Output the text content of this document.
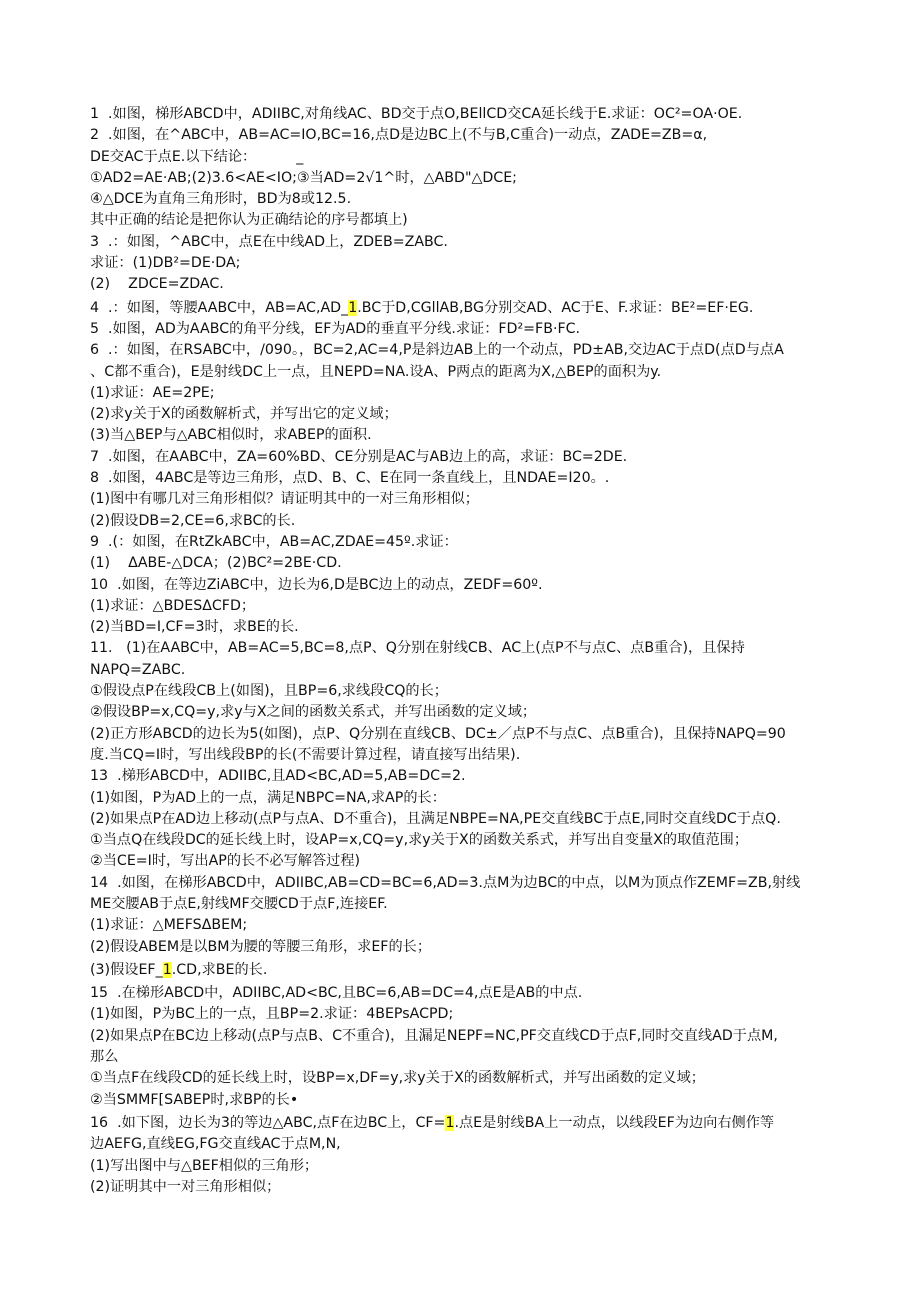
1  .如图，梯形ABCD中，ADIIBC,对角线AC、BD交于点O,BEllCD交CA延长线于E.求证：OC²=OA·OE.
2  .如图，在^ABC中，AB=AC=IO,BC=16,点D是边BC上(不与B,C重合)一动点，ZADE=ZB=α,
DE交AC于点E.以下结论：	_
①AD2=AE·AB;(2)3.6<AE<IO;③当AD=2√1^时，△ABD"△DCE;
④△DCE为直角三角形时，BD为8或12.5.
其中正确的结论是把你认为正确结论的序号都填上)
3  .：如图，^ABC中，点E在中线AD上，ZDEB=ZABC.
求证：(1)DB²=DE·DA;
(2)    ZDCE=ZDAC.
4  .：如图，等腰AABC中，AB=AC,AD_1.BC于D,CGllAB,BG分别交AD、AC于E、F.求证：BE²=EF·EG.
5  .如图，AD为AABC的角平分线，EF为AD的垂直平分线.求证：FD²=FB·FC.
6  .：如图，在RSABC中，/090。，BC=2,AC=4,P是斜边AB上的一个动点，PD±AB,交边AC于点D(点D与点A
、C都不重合)，E是射线DC上一点，且NEPD=NA.设A、P两点的距离为X,△BEP的面积为y.
(1)求证：AE=2PE;
(2)求y关于X的函数解析式，并写出它的定义域；
(3)当△BEP与△ABC相似时，求ABEP的面积.
7  .如图，在AABC中，ZA=60%BD、CE分别是AC与AB边上的高，求证：BC=2DE.
8  .如图，4ABC是等边三角形，点D、B、C、E在同一条直线上，且NDAE=I20。.
(1)图中有哪几对三角形相似？请证明其中的一对三角形相似；
(2)假设DB=2,CE=6,求BC的长.
9  .(：如图，在RtZkABC中，AB=AC,ZDAE=45º.求证：
(1)    ΔABE-△DCA；(2)BC²=2BE·CD.
10  .如图，在等边ZiABC中，边长为6,D是BC边上的动点，ZEDF=60º.
(1)求证：△BDESΔCFD；
(2)当BD=I,CF=3时，求BE的长.
11.   (1)在AABC中，AB=AC=5,BC=8,点P、Q分别在射线CB、AC上(点P不与点C、点B重合)，且保持
NAPQ=ZABC.
①假设点P在线段CB上(如图)，且BP=6,求线段CQ的长；
②假设BP=x,CQ=y,求y与X之间的函数关系式，并写出函数的定义域；
(2)正方形ABCD的边长为5(如图)，点P、Q分别在直线CB、DC±／点P不与点C、点B重合)，且保持NAPQ=90
度.当CQ=I时，写出线段BP的长(不需要计算过程，请直接写出结果).
13  .梯形ABCD中，ADIIBC,且AD<BC,AD=5,AB=DC=2.
(1)如图，P为AD上的一点，满足NBPC=NA,求AP的长：
(2)如果点P在AD边上移动(点P与点A、D不重合)，且满足NBPE=NA,PE交直线BC于点E,同时交直线DC于点Q.
①当点Q在线段DC的延长线上时，设AP=x,CQ=y,求y关于X的函数关系式，并写出自变量X的取值范围；
②当CE=I时，写出AP的长不必写解答过程)
14  .如图，在梯形ABCD中，ADIIBC,AB=CD=BC=6,AD=3.点M为边BC的中点，以M为顶点作ZEMF=ZB,射线
ME交腰AB于点E,射线MF交腰CD于点F,连接EF.
(1)求证：△MEFSΔBEM;
(2)假设ABEM是以BM为腰的等腰三角形，求EF的长；
(3)假设EF_1.CD,求BE的长.
15  .在梯形ABCD中，ADIIBC,AD<BC,且BC=6,AB=DC=4,点E是AB的中点.
(1)如图，P为BC上的一点，且BP=2.求证：4BEPsACPD;
(2)如果点P在BC边上移动(点P与点B、C不重合)，且漏足NEPF=NC,PF交直线CD于点F,同时交直线AD于点M,
那么
①当点F在线段CD的延长线上时，设BP=x,DF=y,求y关于X的函数解析式，并写出函数的定义域；
②当SMMF[SABEP时,求BP的长•
16  .如下图，边长为3的等边△ABC,点F在边BC上，CF=1.点E是射线BA上一动点，以线段EF为边向右侧作等
边AEFG,直线EG,FG交直线AC于点M,N,
(1)写出图中与△BEF相似的三角形；
(2)证明其中一对三角形相似；
